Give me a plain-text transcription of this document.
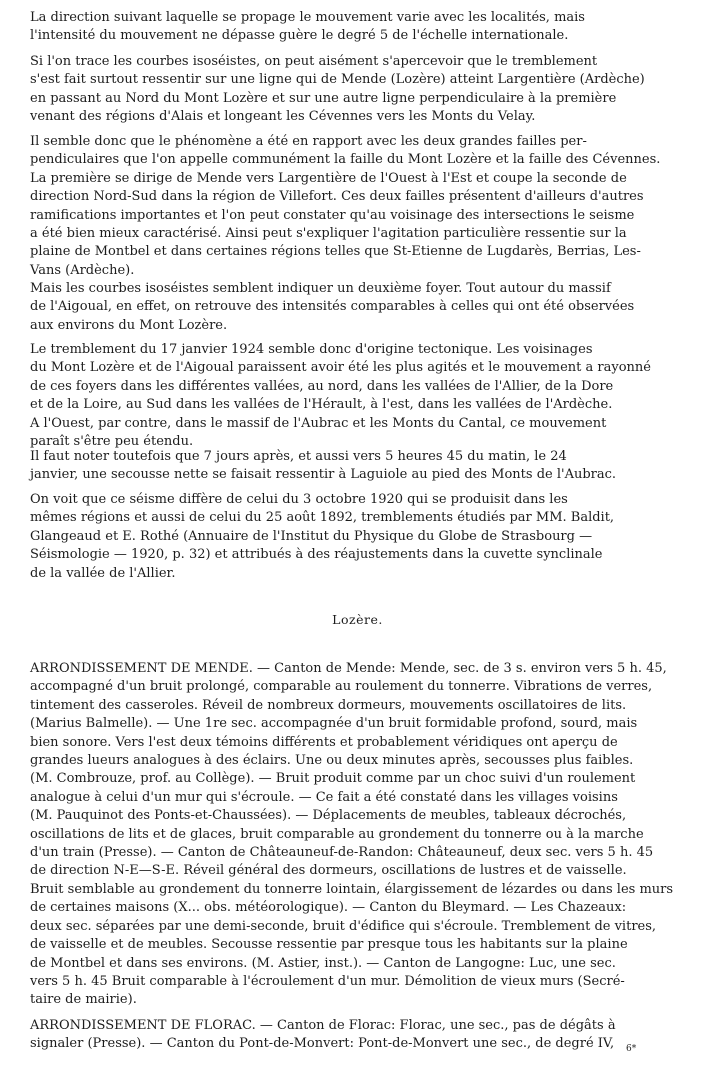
La direction suivant laquelle se propage le mouvement varie avec les localités, mais
l'intensité du mouvement ne dépasse guère le degré 5 de l'échelle internationale.

Si l'on trace les courbes isoséistes, on peut aisément s'apercevoir que le tremblement
s'est fait surtout ressentir sur une ligne qui de Mende (Lozère) atteint Largentière (Ardèche)
en passant au Nord du Mont Lozère et sur une autre ligne perpendiculaire à la première
venant des régions d'Alais et longeant les Cévennes vers les Monts du Velay.

Il semble donc que le phénomène a été en rapport avec les deux grandes failles per-
pendiculaires que l'on appelle communément la faille du Mont Lozère et la faille des Cévennes.
La première se dirige de Mende vers Largentière de l'Ouest à l'Est et coupe la seconde de
direction Nord-Sud dans la région de Villefort. Ces deux failles présentent d'ailleurs d'autres
ramifications importantes et l'on peut constater qu'au voisinage des intersections le seisme
a été bien mieux caractérisé. Ainsi peut s'expliquer l'agitation particulière ressentie sur la
plaine de Montbel et dans certaines régions telles que St-Etienne de Lugdarès, Berrias, Les-
Vans (Ardèche).

Mais les courbes isoséistes semblent indiquer un deuxième foyer. Tout autour du massif
de l'Aigoual, en effet, on retrouve des intensités comparables à celles qui ont été observées
aux environs du Mont Lozère.

Le tremblement du 17 janvier 1924 semble donc d'origine tectonique. Les voisinages
du Mont Lozère et de l'Aigoual paraissent avoir été les plus agités et le mouvement a rayonné
de ces foyers dans les différentes vallées, au nord, dans les vallées de l'Allier, de la Dore
et de la Loire, au Sud dans les vallées de l'Hérault, à l'est, dans les vallées de l'Ardèche.
A l'Ouest, par contre, dans le massif de l'Aubrac et les Monts du Cantal, ce mouvement
paraît s'être peu étendu.

Il faut noter toutefois que 7 jours après, et aussi vers 5 heures 45 du matin, le 24
janvier, une secousse nette se faisait ressentir à Laguiole au pied des Monts de l'Aubrac.

On voit que ce séisme diffère de celui du 3 octobre 1920 qui se produisit dans les
mêmes régions et aussi de celui du 25 août 1892, tremblements étudiés par MM. Baldit,
Glangeaud et E. Rothé (Annuaire de l'Institut du Physique du Globe de Strasbourg —
Séismologie — 1920, p. 32) et attribués à des réajustements dans la cuvette synclinale
de la vallée de l'Allier.

Lozère.

ARRONDISSEMENT DE MENDE. — Canton de Mende: Mende, sec. de 3 s. environ vers 5 h. 45,
accompagné d'un bruit prolongé, comparable au roulement du tonnerre. Vibrations de verres,
tintement des casseroles. Réveil de nombreux dormeurs, mouvements oscillatoires de lits.
(Marius Balmelle). — Une 1re sec. accompagnée d'un bruit formidable profond, sourd, mais
bien sonore. Vers l'est deux témoins différents et probablement véridiques ont aperçu de
grandes lueurs analogues à des éclairs. Une ou deux minutes après, secousses plus faibles.
(M. Combrouze, prof. au Collège). — Bruit produit comme par un choc suivi d'un roulement
analogue à celui d'un mur qui s'écroule. — Ce fait a été constaté dans les villages voisins
(M. Pauquinot des Ponts-et-Chaussées). — Déplacements de meubles, tableaux décrochés,
oscillations de lits et de glaces, bruit comparable au grondement du tonnerre ou à la marche
d'un train (Presse). — Canton de Châteauneuf-de-Randon: Châteauneuf, deux sec. vers 5 h. 45
de direction N-E—S-E. Réveil général des dormeurs, oscillations de lustres et de vaisselle.
Bruit semblable au grondement du tonnerre lointain, élargissement de lézardes ou dans les murs
de certaines maisons (X... obs. météorologique). — Canton du Bleymard. — Les Chazeaux:
deux sec. séparées par une demi-seconde, bruit d'édifice qui s'écroule. Tremblement de vitres,
de vaisselle et de meubles. Secousse ressentie par presque tous les habitants sur la plaine
de Montbel et dans ses environs. (M. Astier, inst.). — Canton de Langogne: Luc, une sec.
vers 5 h. 45 Bruit comparable à l'écroulement d'un mur. Démolition de vieux murs (Secré-
taire de mairie).

ARRONDISSEMENT DE FLORAC. — Canton de Florac: Florac, une sec., pas de dégâts à
signaler (Presse). — Canton du Pont-de-Monvert: Pont-de-Monvert une sec., de degré IV,	6*
